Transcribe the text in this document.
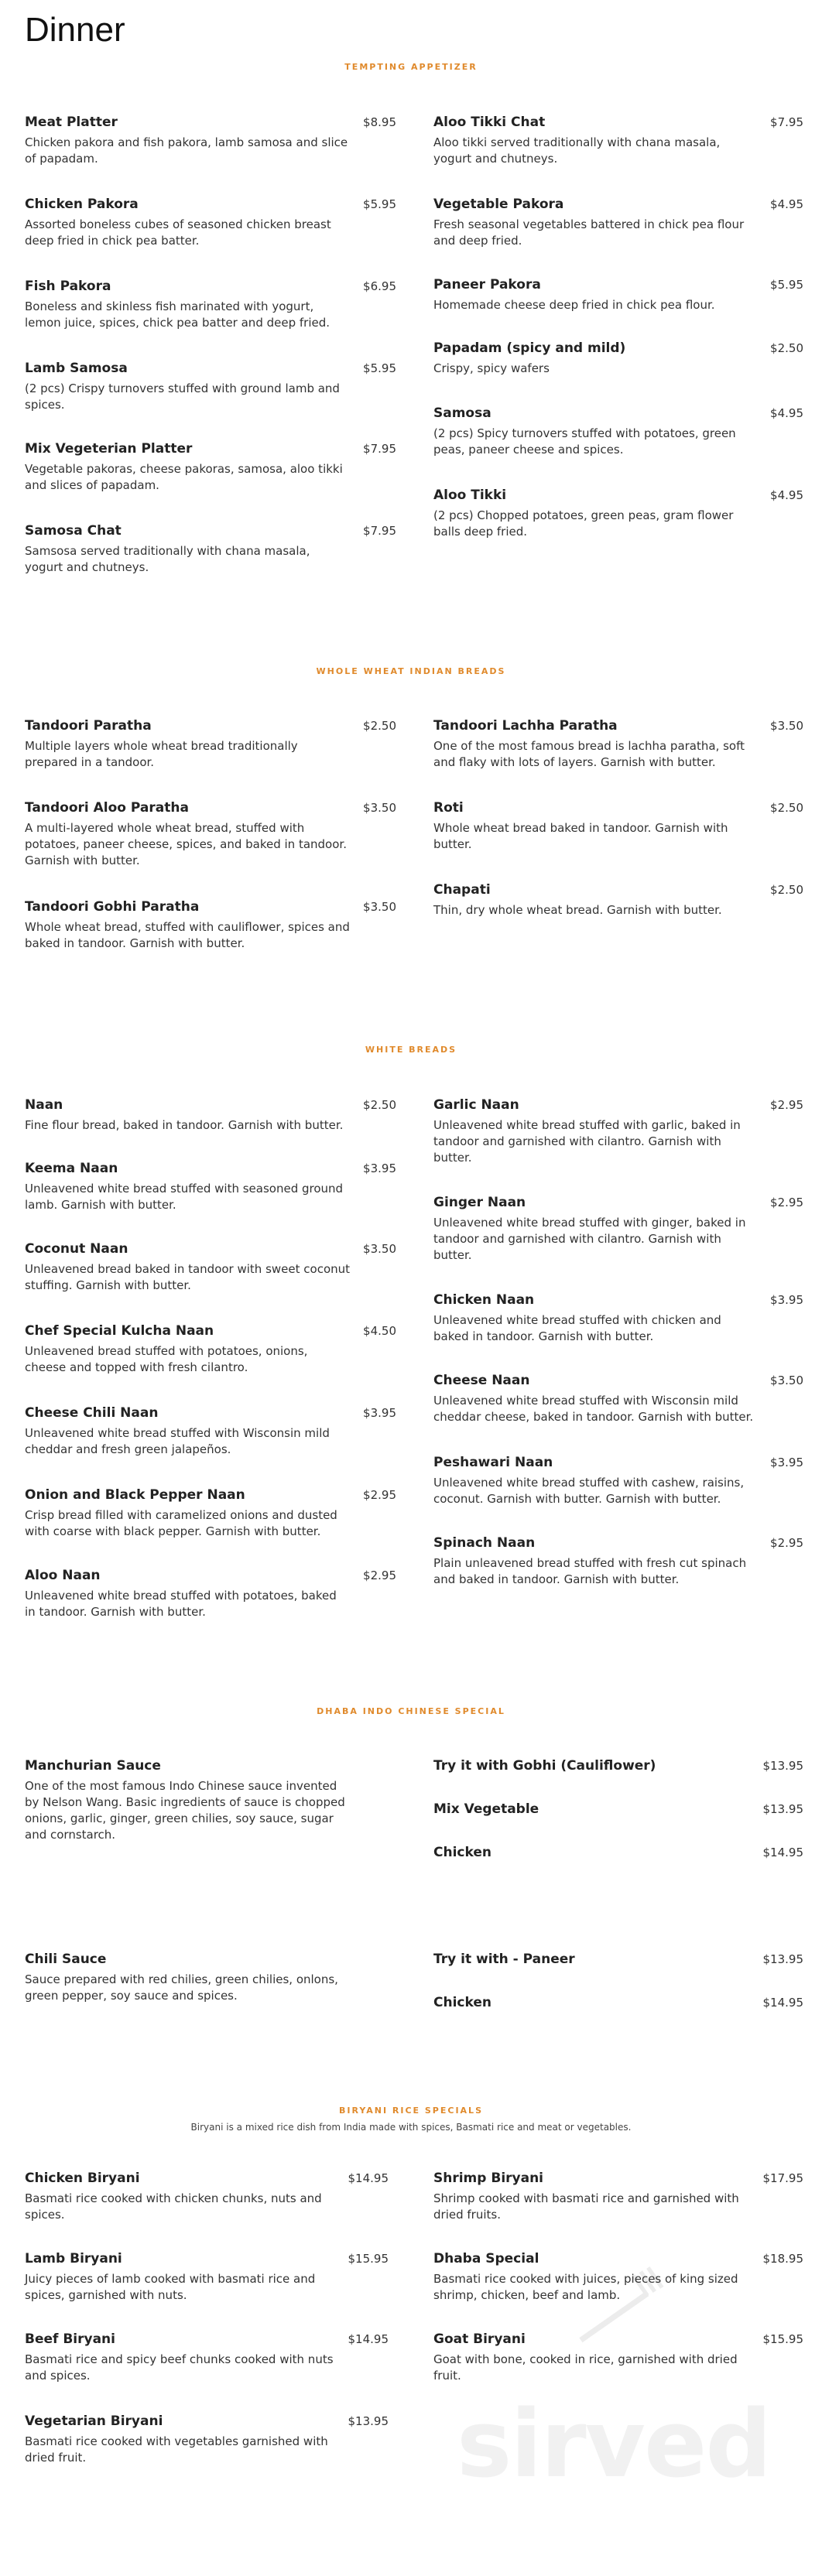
Dinner
TEMPTING APPETIZER
Meat Platter	$8.95
Chicken pakora and fish pakora, lamb samosa and slice of papadam.
Chicken Pakora	$5.95
Assorted boneless cubes of seasoned chicken breast deep fried in chick pea batter.
Fish Pakora	$6.95
Boneless and skinless fish marinated with yogurt, lemon juice, spices, chick pea batter and deep fried.
Lamb Samosa	$5.95
(2 pcs) Crispy turnovers stuffed with ground lamb and spices.
Mix Vegeterian Platter	$7.95
Vegetable pakoras, cheese pakoras, samosa, aloo tikki and slices of papadam.
Samosa Chat	$7.95
Samsosa served traditionally with chana masala, yogurt and chutneys.
Aloo Tikki Chat	$7.95
Aloo tikki served traditionally with chana masala, yogurt and chutneys.
Vegetable Pakora	$4.95
Fresh seasonal vegetables battered in chick pea flour and deep fried.
Paneer Pakora	$5.95
Homemade cheese deep fried in chick pea flour.
Papadam (spicy and mild)	$2.50
Crispy, spicy wafers
Samosa	$4.95
(2 pcs) Spicy turnovers stuffed with potatoes, green peas, paneer cheese and spices.
Aloo Tikki	$4.95
(2 pcs) Chopped potatoes, green peas, gram flower balls deep fried.
WHOLE WHEAT INDIAN BREADS
Tandoori Paratha	$2.50
Multiple layers whole wheat bread traditionally prepared in a tandoor.
Tandoori Aloo Paratha	$3.50
A multi-layered whole wheat bread, stuffed with potatoes, paneer cheese, spices, and baked in tandoor. Garnish with butter.
Tandoori Gobhi Paratha	$3.50
Whole wheat bread, stuffed with cauliflower, spices and baked in tandoor. Garnish with butter.
Tandoori Lachha Paratha	$3.50
One of the most famous bread is lachha paratha, soft and flaky with lots of layers. Garnish with butter.
Roti	$2.50
Whole wheat bread baked in tandoor. Garnish with butter.
Chapati	$2.50
Thin, dry whole wheat bread. Garnish with butter.
WHITE BREADS
Naan	$2.50
Fine flour bread, baked in tandoor. Garnish with butter.
Keema Naan	$3.95
Unleavened white bread stuffed with seasoned ground lamb. Garnish with butter.
Coconut Naan	$3.50
Unleavened bread baked in tandoor with sweet coconut stuffing. Garnish with butter.
Chef Special Kulcha Naan	$4.50
Unleavened bread stuffed with potatoes, onions, cheese and topped with fresh cilantro.
Cheese Chili Naan	$3.95
Unleavened white bread stuffed with Wisconsin mild cheddar and fresh green jalapeños.
Onion and Black Pepper Naan	$2.95
Crisp bread filled with caramelized onions and dusted with coarse with black pepper. Garnish with butter.
Aloo Naan	$2.95
Unleavened white bread stuffed with potatoes, baked in tandoor. Garnish with butter.
Garlic Naan	$2.95
Unleavened white bread stuffed with garlic, baked in tandoor and garnished with cilantro. Garnish with butter.
Ginger Naan	$2.95
Unleavened white bread stuffed with ginger, baked in tandoor and garnished with cilantro. Garnish with butter.
Chicken Naan	$3.95
Unleavened white bread stuffed with chicken and baked in tandoor. Garnish with butter.
Cheese Naan	$3.50
Unleavened white bread stuffed with Wisconsin mild cheddar cheese, baked in tandoor. Garnish with butter.
Peshawari Naan	$3.95
Unleavened white bread stuffed with cashew, raisins, coconut. Garnish with butter. Garnish with butter.
Spinach Naan	$2.95
Plain unleavened bread stuffed with fresh cut spinach and baked in tandoor. Garnish with butter.
DHABA INDO CHINESE SPECIAL
Manchurian Sauce
One of the most famous Indo Chinese sauce invented by Nelson Wang. Basic ingredients of sauce is chopped onions, garlic, ginger, green chilies, soy sauce, sugar and cornstarch.
Chili Sauce
Sauce prepared with red chilies, green chilies, onlons, green pepper, soy sauce and spices.
Try it with Gobhi (Cauliflower)	$13.95
Mix Vegetable	$13.95
Chicken	$14.95
Try it with - Paneer	$13.95
Chicken	$14.95
BIRYANI RICE SPECIALS
Biryani is a mixed rice dish from India made with spices, Basmati rice and meat or vegetables.
Chicken Biryani	$14.95
Basmati rice cooked with chicken chunks, nuts and spices.
Lamb Biryani	$15.95
Juicy pieces of lamb cooked with basmati rice and spices, garnished with nuts.
Beef Biryani	$14.95
Basmati rice and spicy beef chunks cooked with nuts and spices.
Vegetarian Biryani	$13.95
Basmati rice cooked with vegetables garnished with dried fruit.
Shrimp Biryani	$17.95
Shrimp cooked with basmati rice and garnished with dried fruits.
Dhaba Special	$18.95
Basmati rice cooked with juices, pieces of king sized shrimp, chicken, beef and lamb.
Goat Biryani	$15.95
Goat with bone, cooked in rice, garnished with dried fruit.
sirved
